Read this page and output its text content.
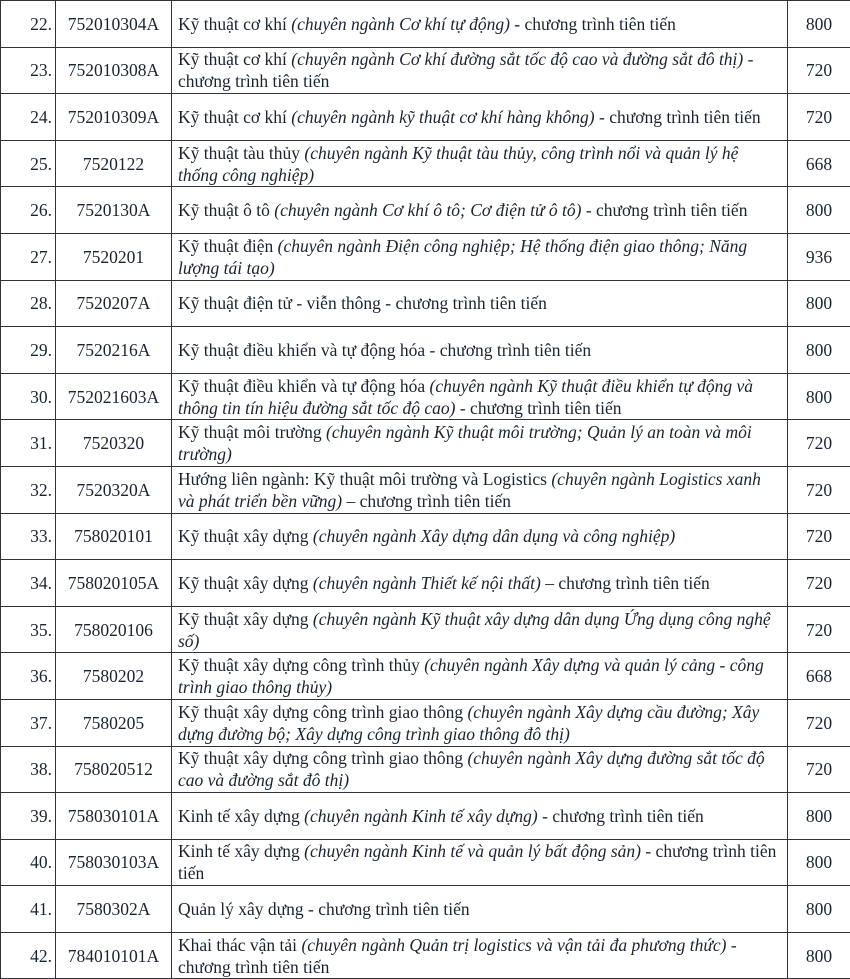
22.	752010304A	Kỹ thuật cơ khí (chuyên ngành Cơ khí tự động) - chương trình tiên tiến	800
23.	752010308A	Kỹ thuật cơ khí (chuyên ngành Cơ khí đường sắt tốc độ cao và đường sắt đô thị) - chương trình tiên tiến	720
24.	752010309A	Kỹ thuật cơ khí (chuyên ngành kỹ thuật cơ khí hàng không) - chương trình tiên tiến	720
25.	7520122	Kỹ thuật tàu thủy (chuyên ngành Kỹ thuật tàu thủy, công trình nổi và quản lý hệ thống công nghiệp)	668
26.	7520130A	Kỹ thuật ô tô (chuyên ngành Cơ khí ô tô; Cơ điện tử ô tô) - chương trình tiên tiến	800
27.	7520201	Kỹ thuật điện (chuyên ngành Điện công nghiệp; Hệ thống điện giao thông; Năng lượng tái tạo)	936
28.	7520207A	Kỹ thuật điện tử - viễn thông - chương trình tiên tiến	800
29.	7520216A	Kỹ thuật điều khiển và tự động hóa - chương trình tiên tiến	800
30.	752021603A	Kỹ thuật điều khiển và tự động hóa (chuyên ngành Kỹ thuật điều khiển tự động và thông tin tín hiệu đường sắt tốc độ cao) - chương trình tiên tiến	800
31.	7520320	Kỹ thuật môi trường (chuyên ngành Kỹ thuật môi trường; Quản lý an toàn và môi trường)	720
32.	7520320A	Hướng liên ngành: Kỹ thuật môi trường và Logistics (chuyên ngành Logistics xanh và phát triển bền vững) – chương trình tiên tiến	720
33.	758020101	Kỹ thuật xây dựng (chuyên ngành Xây dựng dân dụng và công nghiệp)	720
34.	758020105A	Kỹ thuật xây dựng (chuyên ngành Thiết kế nội thất) – chương trình tiên tiến	720
35.	758020106	Kỹ thuật xây dựng (chuyên ngành Kỹ thuật xây dựng dân dụng Ứng dụng công nghệ số)	720
36.	7580202	Kỹ thuật xây dựng công trình thủy (chuyên ngành Xây dựng và quản lý cảng - công trình giao thông thủy)	668
37.	7580205	Kỹ thuật xây dựng công trình giao thông (chuyên ngành Xây dựng cầu đường; Xây dựng đường bộ; Xây dựng công trình giao thông đô thị)	720
38.	758020512	Kỹ thuật xây dựng công trình giao thông (chuyên ngành Xây dựng đường sắt tốc độ cao và đường sắt đô thị)	720
39.	758030101A	Kinh tế xây dựng (chuyên ngành Kinh tế xây dựng) - chương trình tiên tiến	800
40.	758030103A	Kinh tế xây dựng (chuyên ngành Kinh tế và quản lý bất động sản) - chương trình tiên tiến	800
41.	7580302A	Quản lý xây dựng - chương trình tiên tiến	800
42.	784010101A	Khai thác vận tải (chuyên ngành Quản trị logistics và vận tải đa phương thức) - chương trình tiên tiến	800
